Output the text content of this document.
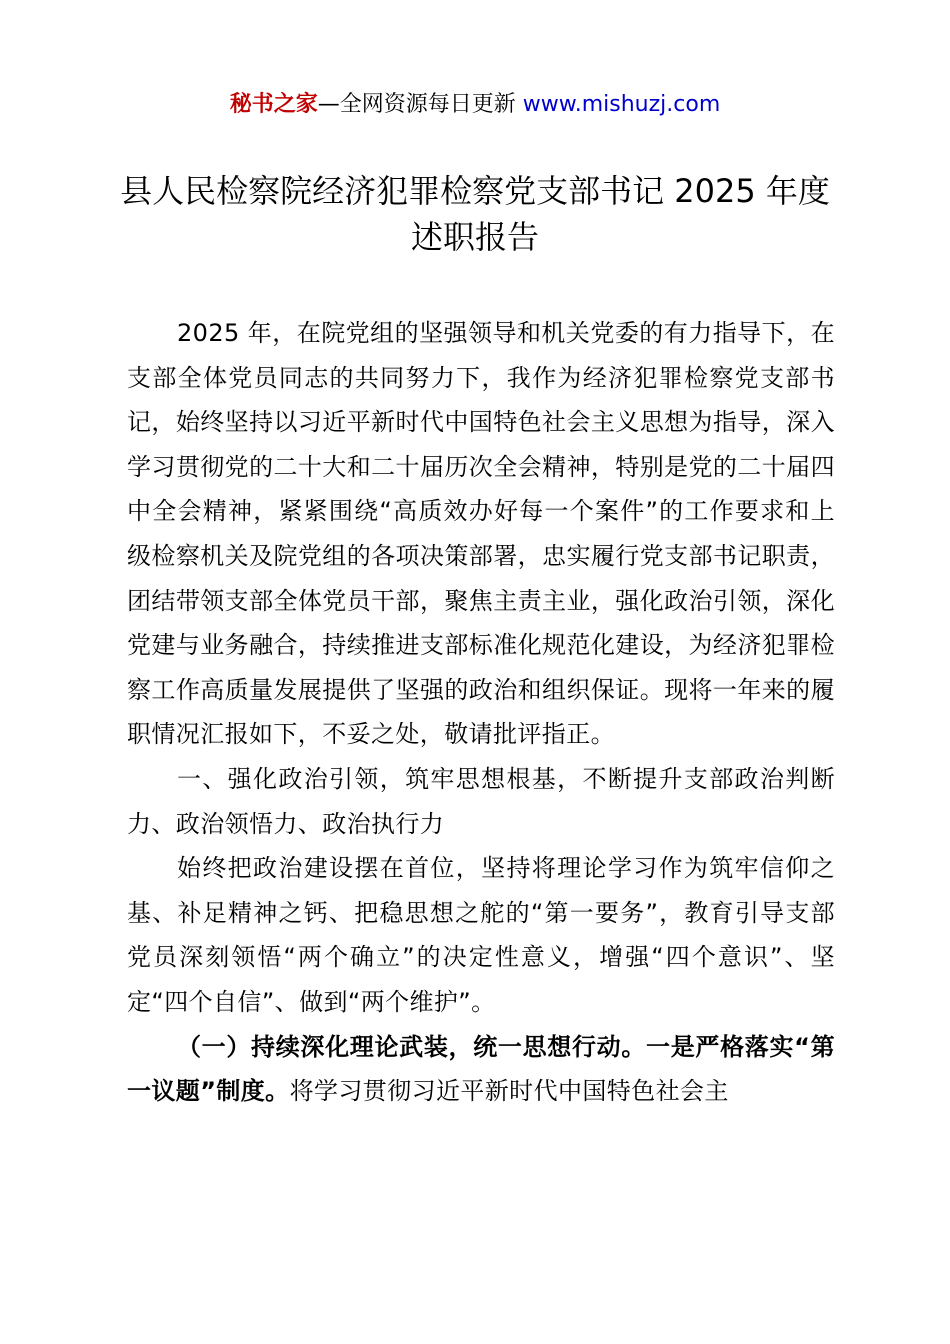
秘书之家—全网资源每日更新 www.mishuzj.com
县人民检察院经济犯罪检察党支部书记 2025 年度述职报告

2025 年，在院党组的坚强领导和机关党委的有力指导下，在支部全体党员同志的共同努力下，我作为经济犯罪检察党支部书记，始终坚持以习近平新时代中国特色社会主义思想为指导，深入学习贯彻党的二十大和二十届历次全会精神，特别是党的二十届四中全会精神，紧紧围绕“高质效办好每一个案件”的工作要求和上级检察机关及院党组的各项决策部署，忠实履行党支部书记职责，团结带领支部全体党员干部，聚焦主责主业，强化政治引领，深化党建与业务融合，持续推进支部标准化规范化建设，为经济犯罪检察工作高质量发展提供了坚强的政治和组织保证。现将一年来的履职情况汇报如下，不妥之处，敬请批评指正。

一、强化政治引领，筑牢思想根基，不断提升支部政治判断力、政治领悟力、政治执行力

始终把政治建设摆在首位，坚持将理论学习作为筑牢信仰之基、补足精神之钙、把稳思想之舵的“第一要务”，教育引导支部党员深刻领悟“两个确立”的决定性意义，增强“四个意识”、坚定“四个自信”、做到“两个维护”。

（一）持续深化理论武装，统一思想行动。一是严格落实“第一议题”制度。将学习贯彻习近平新时代中国特色社会主
